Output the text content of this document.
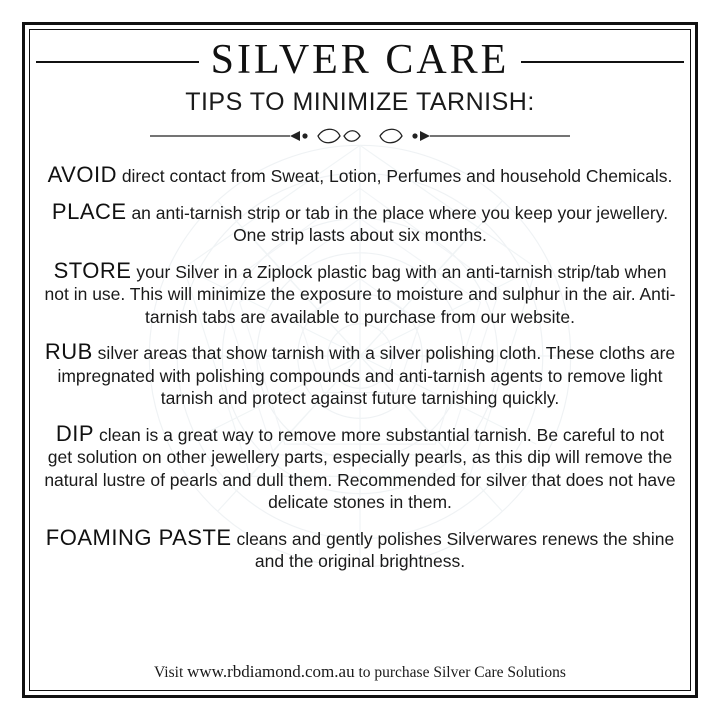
SILVER CARE
TIPS TO MINIMIZE TARNISH:

AVOID direct contact from Sweat, Lotion, Perfumes and household Chemicals.

PLACE an anti-tarnish strip or tab in the place where you keep your jewellery. One strip lasts about six months.

STORE your Silver in a Ziplock plastic bag with an anti-tarnish strip/tab when not in use. This will minimize the exposure to moisture and sulphur in the air. Anti-tarnish tabs are available to purchase from our website.

RUB silver areas that show tarnish with a silver polishing cloth. These cloths are impregnated with polishing compounds and anti-tarnish agents to remove light tarnish and protect against future tarnishing quickly.

DIP clean is a great way to remove more substantial tarnish. Be careful to not get solution on other jewellery parts, especially pearls, as this dip will remove the natural lustre of pearls and dull them. Recommended for silver that does not have delicate stones in them.

FOAMING PASTE cleans and gently polishes Silverwares renews the shine and the original brightness.

Visit www.rbdiamond.com.au to purchase Silver Care Solutions
